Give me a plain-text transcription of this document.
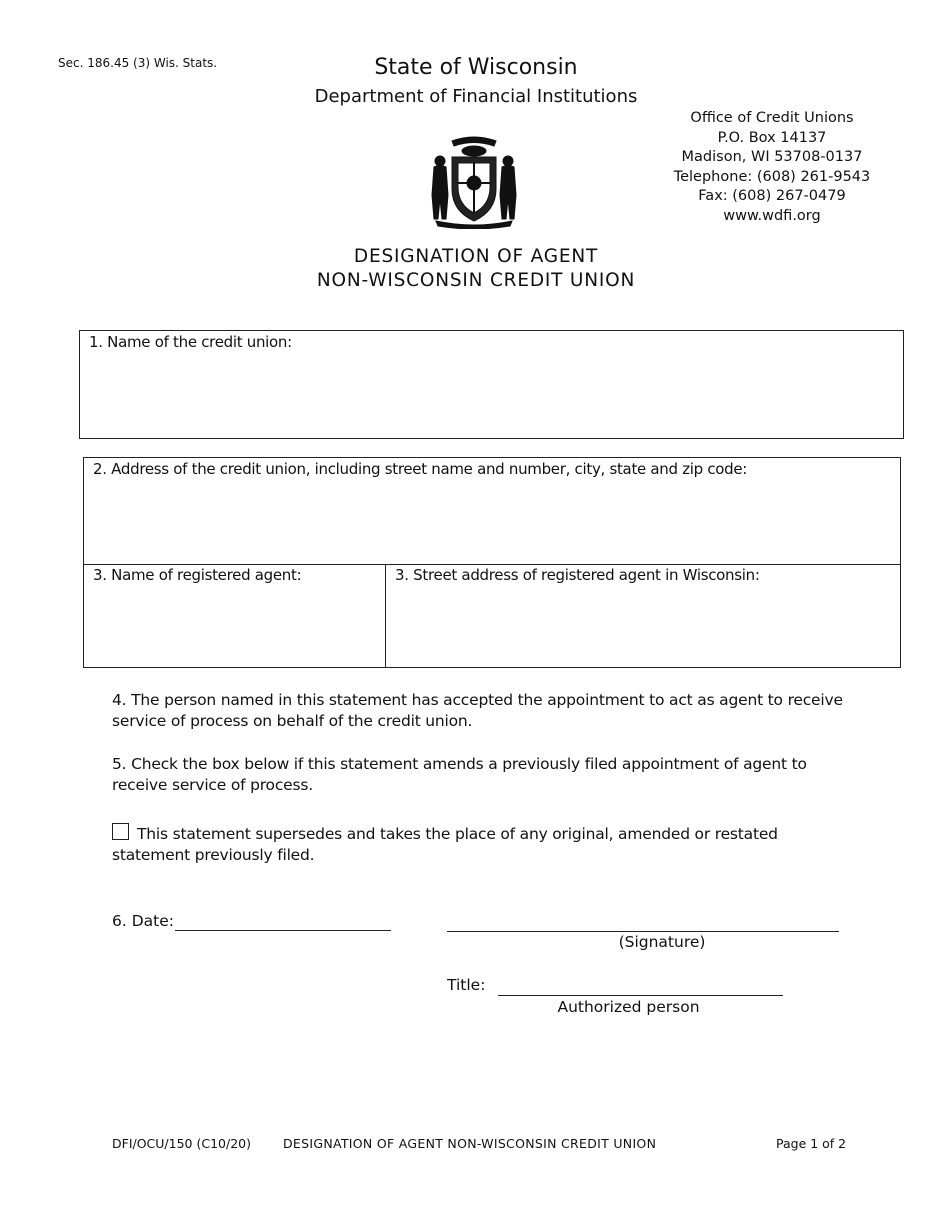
Sec. 186.45 (3) Wis. Stats.	State of Wisconsin
Department of Financial Institutions
Office of Credit Unions
P.O. Box 14137
Madison, WI 53708-0137
Telephone: (608) 261-9543
Fax: (608) 267-0479
www.wdfi.org
DESIGNATION OF AGENT
NON-WISCONSIN CREDIT UNION
1. Name of the credit union:
2. Address of the credit union, including street name and number, city, state and zip code:
3. Name of registered agent:	3. Street address of registered agent in Wisconsin:
4. The person named in this statement has accepted the appointment to act as agent to receive service of process on behalf of the credit union.
5. Check the box below if this statement amends a previously filed appointment of agent to receive service of process.
This statement supersedes and takes the place of any original, amended or restated statement previously filed.
6. Date:
(Signature)
Title:
Authorized person
DFI/OCU/150 (C10/20)	DESIGNATION OF AGENT NON-WISCONSIN CREDIT UNION	Page 1 of 2
